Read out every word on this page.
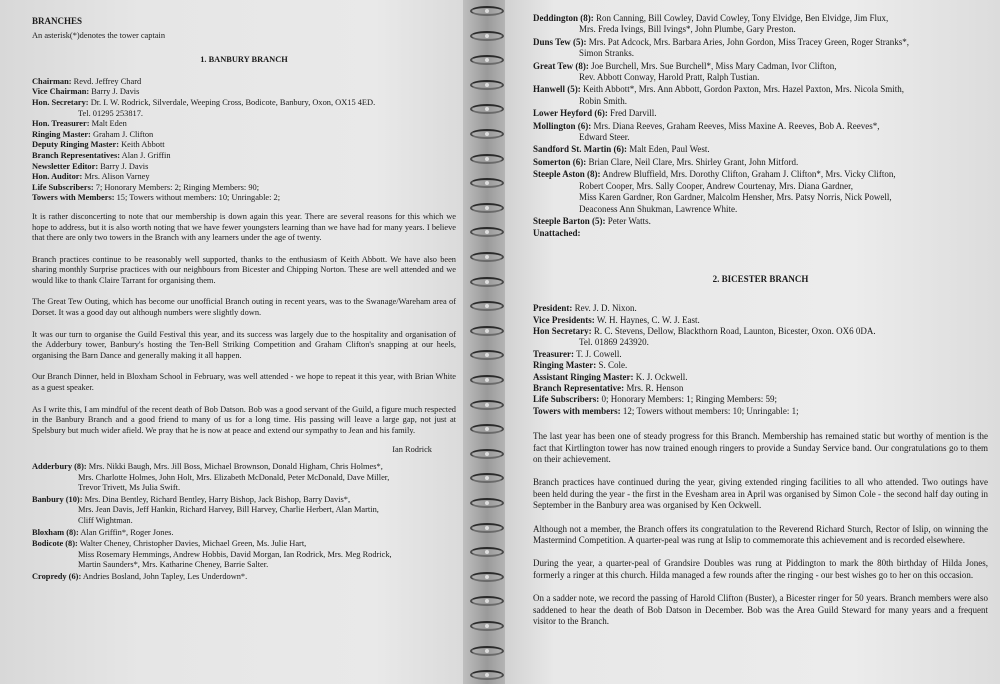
BRANCHES
An asterisk(*)denotes the tower captain
1. BANBURY BRANCH
Chairman: Revd. Jeffrey Chard
Vice Chairman: Barry J. Davis
Hon. Secretary: Dr. I. W. Rodrick, Silverdale, Weeping Cross, Bodicote, Banbury, Oxon, OX15 4ED.
Tel. 01295 253817.
Hon. Treasurer: Malt Eden
Ringing Master: Graham J. Clifton
Deputy Ringing Master: Keith Abbott
Branch Representatives: Alan J. Griffin
Newsletter Editor: Barry J. Davis
Hon. Auditor: Mrs. Alison Varney
Life Subscribers: 7; Honorary Members: 2; Ringing Members: 90;
Towers with Members: 15; Towers without members: 10; Unringable: 2;

It is rather disconcerting to note that our membership is down again this year. There are several reasons for this which we hope to address, but it is also worth noting that we have fewer youngsters learning than we have had for many years. I believe that there are only two towers in the Branch with any learners under the age of twenty.

Branch practices continue to be reasonably well supported, thanks to the enthusiasm of Keith Abbott. We have also been sharing monthly Surprise practices with our neighbours from Bicester and Chipping Norton. These are well attended and we would like to thank Claire Tarrant for organising them.

The Great Tew Outing, which has become our unofficial Branch outing in recent years, was to the Swanage/Wareham area of Dorset. It was a good day out although numbers were slightly down.

It was our turn to organise the Guild Festival this year, and its success was largely due to the hospitality and organisation of the Adderbury tower, Banbury's hosting the Ten-Bell Striking Competition and Graham Clifton's snapping at our heels, organising the Barn Dance and generally making it all happen.

Our Branch Dinner, held in Bloxham School in February, was well attended - we hope to repeat it this year, with Brian White as a guest speaker.

As I write this, I am mindful of the recent death of Bob Datson. Bob was a good servant of the Guild, a figure much respected in the Banbury Branch and a good friend to many of us for a long time. His passing will leave a large gap, not just at Spelsbury but much wider afield. We pray that he is now at peace and extend our sympathy to Jean and his family.

Ian Rodrick
Adderbury (8): Mrs. Nikki Baugh, Mrs. Jill Boss, Michael Brownson, Donald Higham, Chris Holmes*,
Mrs. Charlotte Holmes, John Holt, Mrs. Elizabeth McDonald, Peter McDonald, Dave Miller,
Trevor Trivett, Ms Julia Swift.
Banbury (10): Mrs. Dina Bentley, Richard Bentley, Harry Bishop, Jack Bishop, Barry Davis*,
Mrs. Jean Davis, Jeff Hankin, Richard Harvey, Bill Harvey, Charlie Herbert, Alan Martin,
Cliff Wightman.
Bloxham (8): Alan Griffin*, Roger Jones.
Bodicote (8): Walter Cheney, Christopher Davies, Michael Green, Ms. Julie Hart,
Miss Rosemary Hemmings, Andrew Hobbis, David Morgan, Ian Rodrick, Mrs. Meg Rodrick,
Martin Saunders*, Mrs. Katharine Cheney, Barrie Salter.
Cropredy (6): Andries Bosland, John Tapley, Les Underdown*.
Deddington (8): Ron Canning, Bill Cowley, David Cowley, Tony Elvidge, Ben Elvidge, Jim Flux,
Mrs. Freda Ivings, Bill Ivings*, John Plumbe, Gary Preston.
Duns Tew (5): Mrs. Pat Adcock, Mrs. Barbara Aries, John Gordon, Miss Tracey Green, Roger Stranks*,
Simon Stranks.
Great Tew (8): Joe Burchell, Mrs. Sue Burchell*, Miss Mary Cadman, Ivor Clifton,
Rev. Abbott Conway, Harold Pratt, Ralph Tustian.
Hanwell (5): Keith Abbott*, Mrs. Ann Abbott, Gordon Paxton, Mrs. Hazel Paxton, Mrs. Nicola Smith,
Robin Smith.
Lower Heyford (6): Fred Darvill.
Mollington (6): Mrs. Diana Reeves, Graham Reeves, Miss Maxine A. Reeves, Bob A. Reeves*,
Edward Steer.
Sandford St. Martin (6): Malt Eden, Paul West.
Somerton (6): Brian Clare, Neil Clare, Mrs. Shirley Grant, John Mitford.
Steeple Aston (8): Andrew Bluffield, Mrs. Dorothy Clifton, Graham J. Clifton*, Mrs. Vicky Clifton,
Robert Cooper, Mrs. Sally Cooper, Andrew Courtenay, Mrs. Diana Gardner,
Miss Karen Gardner, Ron Gardner, Malcolm Hensher, Mrs. Patsy Norris, Nick Powell,
Deaconess Ann Shukman, Lawrence White.
Steeple Barton (5): Peter Watts.
Unattached:
2. BICESTER BRANCH
President: Rev. J. D. Nixon.
Vice Presidents: W. H. Haynes, C. W. J. East.
Hon Secretary: R. C. Stevens, Dellow, Blackthorn Road, Launton, Bicester, Oxon. OX6 0DA.
Tel. 01869 243920.
Treasurer: T. J. Cowell.
Ringing Master: S. Cole.
Assistant Ringing Master: K. J. Ockwell.
Branch Representative: Mrs. R. Henson
Life Subscribers: 0; Honorary Members: 1; Ringing Members: 59;
Towers with members: 12; Towers without members: 10; Unringable: 1;

The last year has been one of steady progress for this Branch. Membership has remained static but worthy of mention is the fact that Kirtlington tower has now trained enough ringers to provide a Sunday Service band. Our congratulations go to them on their achievement.

Branch practices have continued during the year, giving extended ringing facilities to all who attended. Two outings have been held during the year - the first in the Evesham area in April was organised by Simon Cole - the second half day outing in September in the Banbury area was organised by Ken Ockwell.

Although not a member, the Branch offers its congratulation to the Reverend Richard Sturch, Rector of Islip, on winning the Mastermind Competition. A quarter-peal was rung at Islip to commemorate this achievement and is recorded elsewhere.

During the year, a quarter-peal of Grandsire Doubles was rung at Piddington to mark the 80th birthday of Hilda Jones, formerly a ringer at this church. Hilda managed a few rounds after the ringing - our best wishes go to her on this occasion.

On a sadder note, we record the passing of Harold Clifton (Buster), a Bicester ringer for 50 years. Branch members were also saddened to hear the death of Bob Datson in December. Bob was the Area Guild Steward for many years and a frequent visitor to the Branch.
